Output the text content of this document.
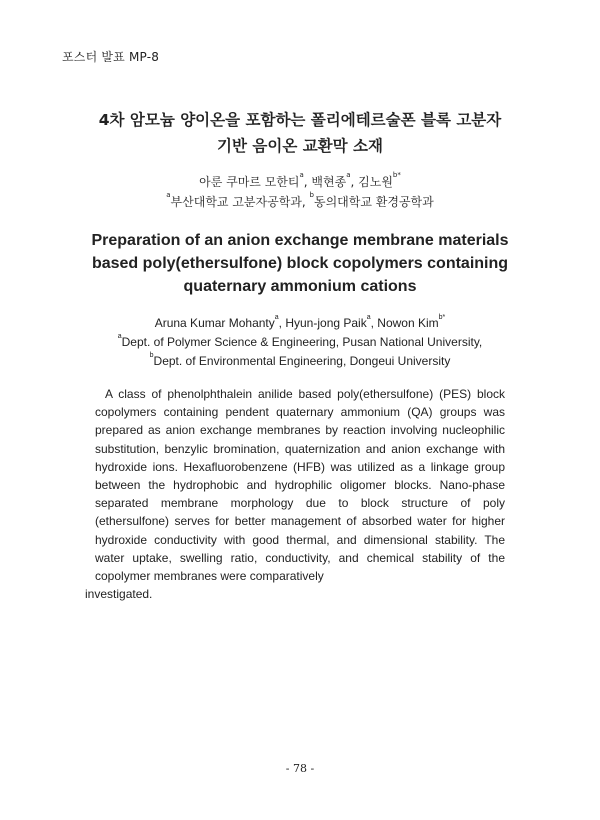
포스터 발표 MP-8
4차 암모늄 양이온을 포함하는 폴리에테르술폰 블록 고분자
기반 음이온 교환막 소재
아룬 쿠마르 모한티$^a$, 백현종$^a$, 김노원$^{b*}$
$^a$부산대학교 고분자공학과, $^b$동의대학교 환경공학과
Preparation of an anion exchange membrane materials
based poly(ethersulfone) block copolymers containing
quaternary ammonium cations
Aruna Kumar Mohanty$^a$, Hyun-jong Paik$^a$, Nowon Kim$^{b*}$
$^a$Dept. of Polymer Science & Engineering, Pusan National University,
$^b$Dept. of Environmental Engineering, Dongeui University
A class of phenolphthalein anilide based poly(ethersulfone) (PES) block
copolymers containing pendent quaternary ammonium (QA) groups was
prepared as anion exchange membranes by reaction involving nucleophilic
substitution, benzylic bromination, quaternization and anion exchange with
hydroxide ions. Hexafluorobenzene (HFB) was utilized as a linkage group
between the hydrophobic and hydrophilic oligomer blocks. Nano-phase
separated membrane morphology due to block structure of poly
(ethersulfone) serves for better management of absorbed water for higher
hydroxide conductivity with good thermal, and dimensional stability. The
water uptake, swelling ratio, conductivity, and chemical stability of the
copolymer membranes were comparatively
investigated.
- 78 -
